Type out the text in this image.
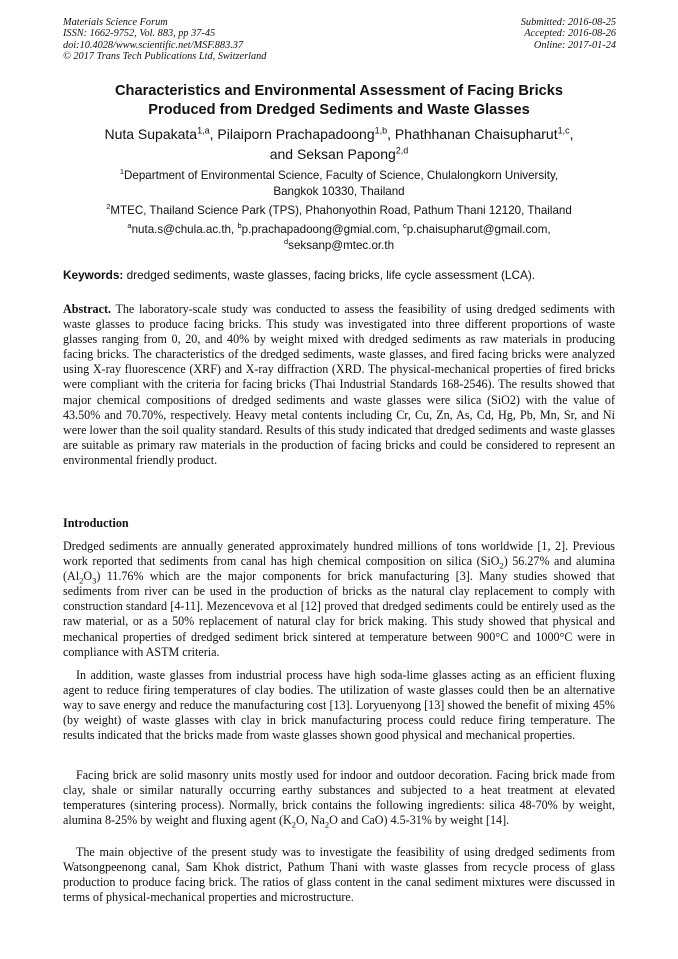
Materials Science Forum
ISSN: 1662-9752, Vol. 883, pp 37-45
doi:10.4028/www.scientific.net/MSF.883.37
© 2017 Trans Tech Publications Ltd, Switzerland
Submitted: 2016-08-25
Accepted: 2016-08-26
Online: 2017-01-24
Characteristics and Environmental Assessment of Facing Bricks
Produced from Dredged Sediments and Waste Glasses
Nuta Supakata$^{1,a}$, Pilaiporn Prachapadoong$^{1,b}$, Phathhanan Chaisupharut$^{1,c}$,
and Seksan Papong$^{2,d}$
$^1$Department of Environmental Science, Faculty of Science, Chulalongkorn University,
Bangkok 10330, Thailand
$^2$MTEC, Thailand Science Park (TPS), Phahonyothin Road, Pathum Thani 12120, Thailand
$^a$nuta.s@chula.ac.th, $^b$p.prachapadoong@gmial.com, $^c$p.chaisupharut@gmail.com,
$^d$seksanp@mtec.or.th
Keywords: dredged sediments, waste glasses, facing bricks, life cycle assessment (LCA).

Abstract. The laboratory-scale study was conducted to assess the feasibility of using dredged sediments with waste glasses to produce facing bricks. This study was investigated into three different proportions of waste glasses ranging from 0, 20, and 40% by weight mixed with dredged sediments as raw materials in producing facing bricks. The characteristics of the dredged sediments, waste glasses, and fired facing bricks were analyzed using X-ray fluorescence (XRF) and X-ray diffraction (XRD. The physical-mechanical properties of fired bricks were compliant with the criteria for facing bricks (Thai Industrial Standards 168-2546). The results showed that major chemical compositions of dredged sediments and waste glasses were silica (SiO2) with the value of 43.50% and 70.70%, respectively. Heavy metal contents including Cr, Cu, Zn, As, Cd, Hg, Pb, Mn, Sr, and Ni were lower than the soil quality standard. Results of this study indicated that dredged sediments and waste glasses are suitable as primary raw materials in the production of facing bricks and could be considered to represent an environmental friendly product.

Introduction

Dredged sediments are annually generated approximately hundred millions of tons worldwide [1, 2]. Previous work reported that sediments from canal has high chemical composition on silica (SiO$_2$) 56.27% and alumina $(Al_2O_3)$ 11.76% which are the major components for brick manufacturing [3]. Many studies showed that sediments from river can be used in the production of bricks as the natural clay replacement to comply with construction standard [4-11]. Mezencevova et al [12] proved that dredged sediments could be entirely used as the raw material, or as a 50% replacement of natural clay for brick making. This study showed that physical and mechanical properties of dredged sediment brick sintered at temperature between 900°C and 1000°C were in compliance with ASTM criteria.

In addition, waste glasses from industrial process have high soda-lime glasses acting as an efficient fluxing agent to reduce firing temperatures of clay bodies. The utilization of waste glasses could then be an alternative way to save energy and reduce the manufacturing cost [13]. Loryuenyong [13] showed the benefit of mixing 45% (by weight) of waste glasses with clay in brick manufacturing process could reduce firing temperature. The results indicated that the bricks made from waste glasses shown good physical and mechanical properties.

Facing brick are solid masonry units mostly used for indoor and outdoor decoration. Facing brick made from clay, shale or similar naturally occurring earthy substances and subjected to a heat treatment at elevated temperatures (sintering process). Normally, brick contains the following ingredients: silica 48-70% by weight, alumina 8-25% by weight and fluxing agent ($K_2O$, $Na_2O$ and CaO) 4.5-31% by weight [14].

The main objective of the present study was to investigate the feasibility of using dredged sediments from Watsongpeenong canal, Sam Khok district, Pathum Thani with waste glasses from recycle process of glass production to produce facing brick. The ratios of glass content in the canal sediment mixtures were discussed in terms of physical-mechanical properties and microstructure.
